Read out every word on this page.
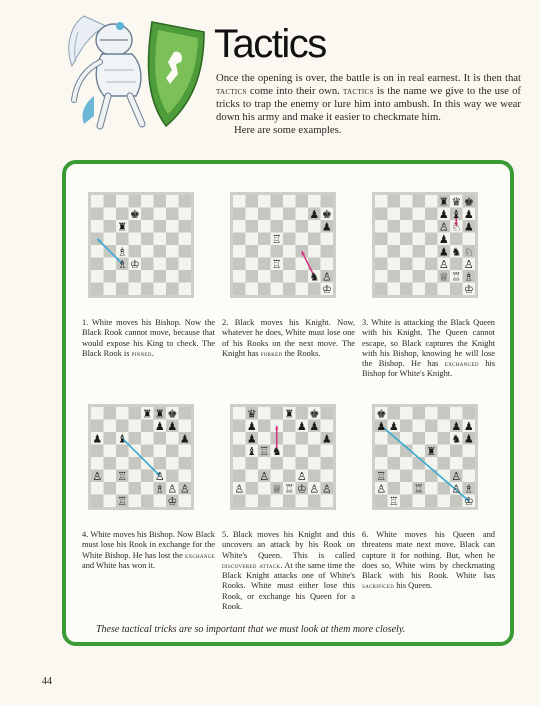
Tactics

Once the opening is over, the battle is on in real earnest. It is then that tactics come into their own. tactics is the name we give to the use of tricks to trap the enemy or lure him into ambush. In this way we wear down his army and make it easier to checkmate him.

Here are some examples.

♚
♜
♗
♔
♗
♟ ♚
♟
♖
♖
♞ ♙
♔
♜ ♛ ♚
♟ ♝ ♟
♙ ♘ ♟
♟
♟ ♞ ♘
♙ ♙
♕ ♖ ♗
♔

1. White moves his Bishop. Now the Black Rook cannot move, because that would expose his King to check. The Black Rook is pinned.

2. Black moves his Knight. Now, whatever he does, White must lose one of his Rooks on the next move. The Knight has forked the Rooks.

3. White is attacking the Black Queen with his Knight. The Queen cannot escape, so Black captures the Knight with his Bishop, knowing he will lose the Bishop. He has exchanged his Bishop for White's Knight.

♜ ♜ ♚
♟ ♟
♟ ♝	♟
♙ ♖	♙
♗ ♙ ♙
♖	♔
♛	♜ ♚
♟	♟ ♟
♟	♟
♝ ♖ ♞
♙	♙
♙	♕ ♖ ♔ ♙ ♙
♚
♟ ♟	♟ ♟
♞ ♟
♜
♖	♙
♙	♖	♙ ♗
♖	♔

4. White moves his Bishop. Now Black must lose his Rook in exchange for the White Bishop. He has lost the exchange and White has won it.

5. Black moves his Knight and this uncovers an attack by his Rook on White's Queen. This is called discovered attack. At the same time the Black Knight attacks one of White's Rooks. White must either lose this Rook, or exchange his Queen for a Rook.

6. White moves his Queen and threatens mate next move. Black can capture it for nothing. But, when he does so, White wins by checkmating Black with his Rook. White has sacrificed his Queen.

These tactical tricks are so important that we must look at them more closely.

44
